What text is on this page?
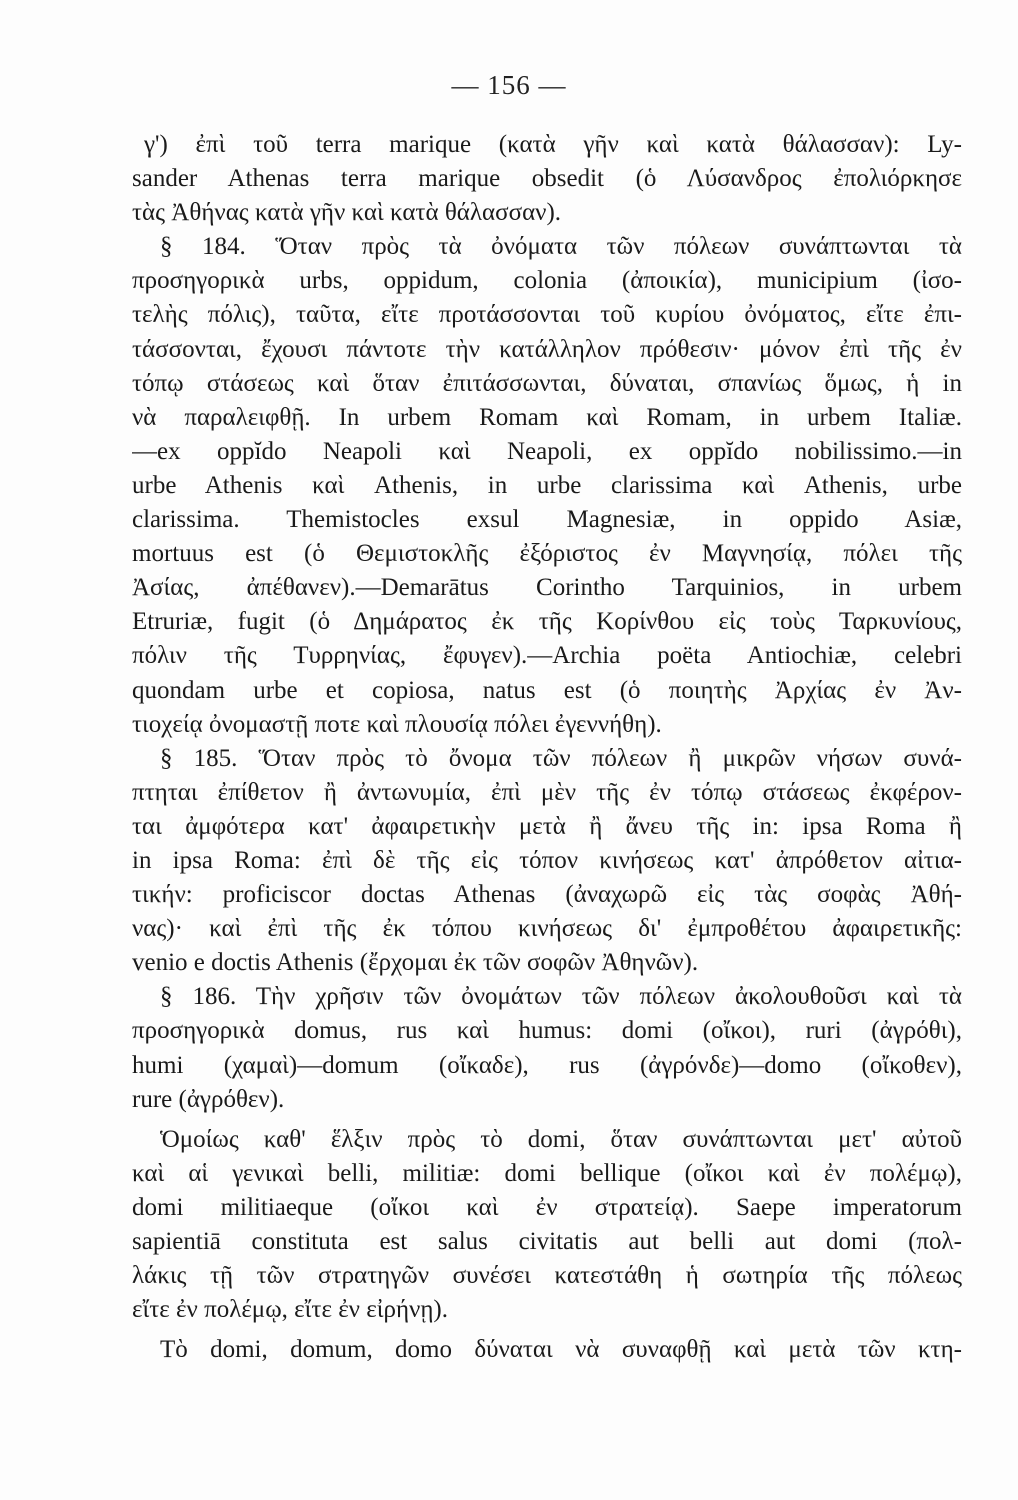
— 156 —
γ') ἐπὶ τοῦ terra marique (κατὰ γῆν καὶ κατὰ θάλασσαν): Ly-
sander Athenas terra marique obsedit (ὁ Λύσανδρος ἐπολιόρκησε
τὰς Ἀθήνας κατὰ γῆν καὶ κατὰ θάλασσαν).
§ 184. Ὅταν πρὸς τὰ ὀνόματα τῶν πόλεων συνάπτωνται τὰ
προσηγορικὰ urbs, oppidum, colonia (ἀποικία), municipium (ἰσο-
τελὴς πόλις), ταῦτα, εἴτε προτάσσονται τοῦ κυρίου ὀνόματος, εἴτε ἐπι-
τάσσονται, ἔχουσι πάντοτε τὴν κατάλληλον πρόθεσιν· μόνον ἐπὶ τῆς ἐν
τόπῳ στάσεως καὶ ὅταν ἐπιτάσσωνται, δύναται, σπανίως ὅμως, ἡ in
νὰ παραλειφθῇ. In urbem Romam καὶ Romam, in urbem Italiæ.
—ex oppĭdo Neapoli καὶ Neapoli, ex oppĭdo nobilissimo.—in
urbe Athenis καὶ Athenis, in urbe clarissima καὶ Athenis, urbe
clarissima. Themistocles exsul Magnesiæ, in oppido Asiæ,
mortuus est (ὁ Θεμιστοκλῆς ἐξόριστος ἐν Μαγνησίᾳ, πόλει τῆς
Ἀσίας, ἀπέθανεν).—Demarātus Corintho Tarquinios, in urbem
Etruriæ, fugit (ὁ Δημάρατος ἐκ τῆς Κορίνθου εἰς τοὺς Ταρκυνίους,
πόλιν τῆς Τυρρηνίας, ἔφυγεν).—Archia poëta Antiochiæ, celebri
quondam urbe et copiosa, natus est (ὁ ποιητὴς Ἀρχίας ἐν Ἀν-
τιοχείᾳ ὀνομαστῇ ποτε καὶ πλουσίᾳ πόλει ἐγεννήθη).
§ 185. Ὅταν πρὸς τὸ ὄνομα τῶν πόλεων ἢ μικρῶν νήσων συνά-
πτηται ἐπίθετον ἢ ἀντωνυμία, ἐπὶ μὲν τῆς ἐν τόπῳ στάσεως ἐκφέρον-
ται ἀμφότερα κατ' ἀφαιρετικὴν μετὰ ἢ ἄνευ τῆς in: ipsa Roma ἢ
in ipsa Roma: ἐπὶ δὲ τῆς εἰς τόπον κινήσεως κατ' ἀπρόθετον αἰτια-
τικήν: proficiscor doctas Athenas (ἀναχωρῶ εἰς τὰς σοφὰς Ἀθή-
νας)· καὶ ἐπὶ τῆς ἐκ τόπου κινήσεως δι' ἐμπροθέτου ἀφαιρετικῆς:
venio e doctis Athenis (ἔρχομαι ἐκ τῶν σοφῶν Ἀθηνῶν).
§ 186. Τὴν χρῆσιν τῶν ὀνομάτων τῶν πόλεων ἀκολουθοῦσι καὶ τὰ
προσηγορικὰ domus, rus καὶ humus: domi (οἴκοι), ruri (ἀγρόθι),
humi (χαμαὶ)—domum (οἴκαδε), rus (ἀγρόνδε)—domo (οἴκοθεν),
rure (ἀγρόθεν).
Ὁμοίως καθ' ἕλξιν πρὸς τὸ domi, ὅταν συνάπτωνται μετ' αὐτοῦ
καὶ αἱ γενικαὶ belli, militiæ: domi bellique (οἴκοι καὶ ἐν πολέμῳ),
domi militiaeque (οἴκοι καὶ ἐν στρατείᾳ). Saepe imperatorum
sapientiā constituta est salus civitatis aut belli aut domi (πολ-
λάκις τῇ τῶν στρατηγῶν συνέσει κατεστάθη ἡ σωτηρία τῆς πόλεως
εἴτε ἐν πολέμῳ, εἴτε ἐν εἰρήνῃ).
Τὸ domi, domum, domo δύναται νὰ συναφθῇ καὶ μετὰ τῶν κτη-
